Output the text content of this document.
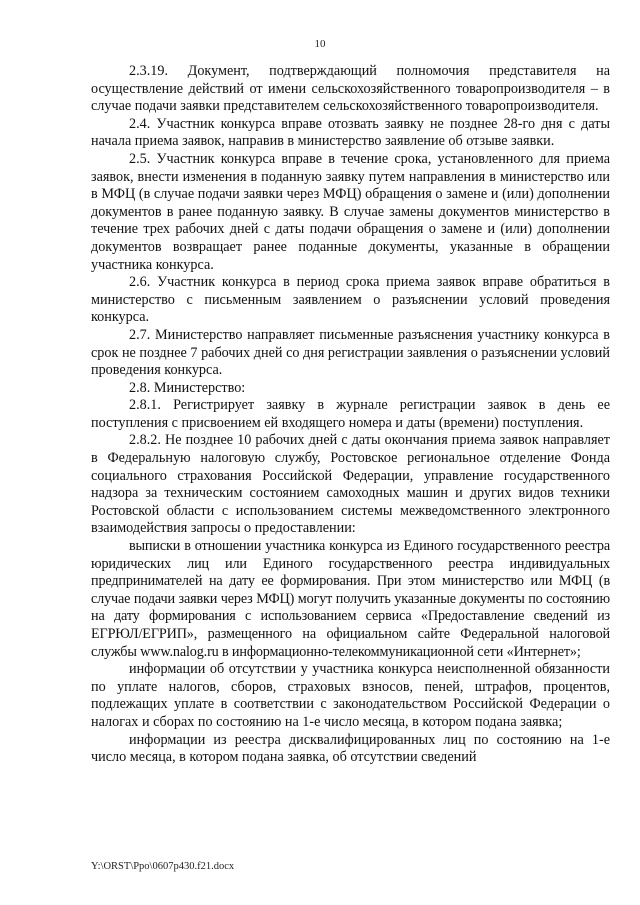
10

2.3.19. Документ, подтверждающий полномочия представителя на осуществление действий от имени сельскохозяйственного товаропроизводителя – в случае подачи заявки представителем сельскохозяйственного товаропроизводителя.

2.4. Участник конкурса вправе отозвать заявку не позднее 28-го дня с даты начала приема заявок, направив в министерство заявление об отзыве заявки.

2.5. Участник конкурса вправе в течение срока, установленного для приема заявок, внести изменения в поданную заявку путем направления в министерство или в МФЦ (в случае подачи заявки через МФЦ) обращения о замене и (или) дополнении документов в ранее поданную заявку. В случае замены документов министерство в течение трех рабочих дней с даты подачи обращения о замене и (или) дополнении документов возвращает ранее поданные документы, указанные в обращении участника конкурса.

2.6. Участник конкурса в период срока приема заявок вправе обратиться в министерство с письменным заявлением о разъяснении условий проведения конкурса.

2.7. Министерство направляет письменные разъяснения участнику конкурса в срок не позднее 7 рабочих дней со дня регистрации заявления о разъяснении условий проведения конкурса.

2.8. Министерство:

2.8.1. Регистрирует заявку в журнале регистрации заявок в день ее поступления с присвоением ей входящего номера и даты (времени) поступления.

2.8.2. Не позднее 10 рабочих дней с даты окончания приема заявок направляет в Федеральную налоговую службу, Ростовское региональное отделение Фонда социального страхования Российской Федерации, управление государственного надзора за техническим состоянием самоходных машин и других видов техники Ростовской области с использованием системы межведомственного электронного взаимодействия запросы о предоставлении:

выписки в отношении участника конкурса из Единого государственного реестра юридических лиц или Единого государственного реестра индивидуальных предпринимателей на дату ее формирования. При этом министерство или МФЦ (в случае подачи заявки через МФЦ) могут получить указанные документы по состоянию на дату формирования с использованием сервиса «Предоставление сведений из ЕГРЮЛ/ЕГРИП», размещенного на официальном сайте Федеральной налоговой службы www.nalog.ru в информационно-телекоммуникационной сети «Интернет»;

информации об отсутствии у участника конкурса неисполненной обязанности по уплате налогов, сборов, страховых взносов, пеней, штрафов, процентов, подлежащих уплате в соответствии с законодательством Российской Федерации о налогах и сборах по состоянию на 1-е число месяца, в котором подана заявка;

информации из реестра дисквалифицированных лиц по состоянию на 1-е число месяца, в котором подана заявка, об отсутствии сведений

Y:\ORST\Ppo\0607p430.f21.docx
